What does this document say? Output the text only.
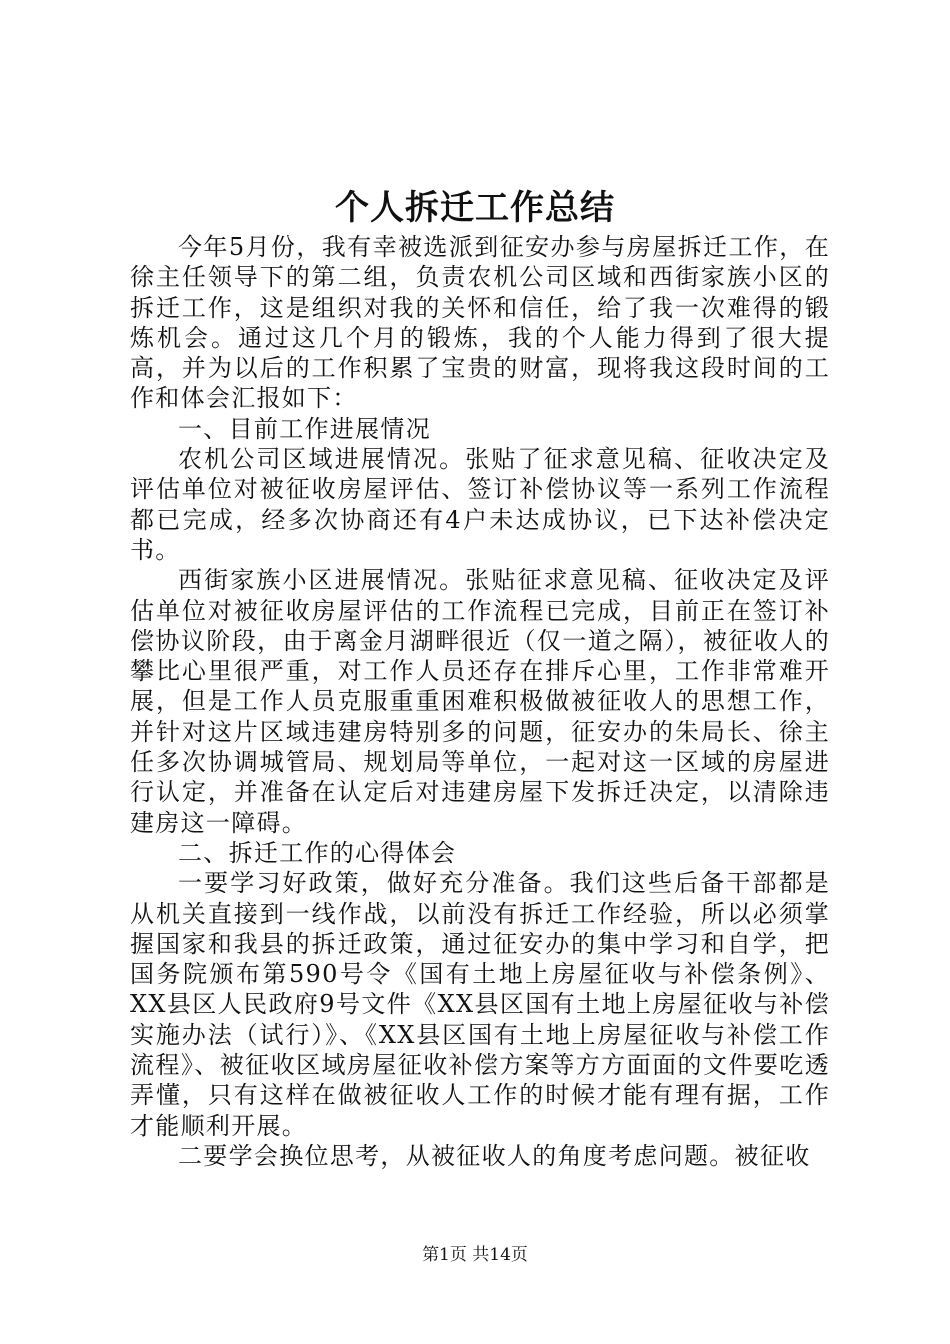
个人拆迁工作总结

今年5月份，我有幸被选派到征安办参与房屋拆迁工作，在徐主任领导下的第二组，负责农机公司区域和西街家族小区的拆迁工作，这是组织对我的关怀和信任，给了我一次难得的锻炼机会。通过这几个月的锻炼，我的个人能力得到了很大提高，并为以后的工作积累了宝贵的财富，现将我这段时间的工作和体会汇报如下：

一、目前工作进展情况

农机公司区域进展情况。张贴了征求意见稿、征收决定及评估单位对被征收房屋评估、签订补偿协议等一系列工作流程都已完成，经多次协商还有4户未达成协议，已下达补偿决定书。

西街家族小区进展情况。张贴征求意见稿、征收决定及评估单位对被征收房屋评估的工作流程已完成，目前正在签订补偿协议阶段，由于离金月湖畔很近（仅一道之隔），被征收人的攀比心里很严重，对工作人员还存在排斥心里，工作非常难开展，但是工作人员克服重重困难积极做被征收人的思想工作，并针对这片区域违建房特别多的问题，征安办的朱局长、徐主任多次协调城管局、规划局等单位，一起对这一区域的房屋进行认定，并准备在认定后对违建房屋下发拆迁决定，以清除违建房这一障碍。

二、拆迁工作的心得体会

一要学习好政策，做好充分准备。我们这些后备干部都是从机关直接到一线作战，以前没有拆迁工作经验，所以必须掌握国家和我县的拆迁政策，通过征安办的集中学习和自学，把国务院颁布第590号令《国有土地上房屋征收与补偿条例》、XX县区人民政府9号文件《XX县区国有土地上房屋征收与补偿实施办法（试行）》、《XX县区国有土地上房屋征收与补偿工作流程》、被征收区域房屋征收补偿方案等方方面面的文件要吃透弄懂，只有这样在做被征收人工作的时候才能有理有据，工作才能顺利开展。

二要学会换位思考，从被征收人的角度考虑问题。被征收

第1页 共14页
